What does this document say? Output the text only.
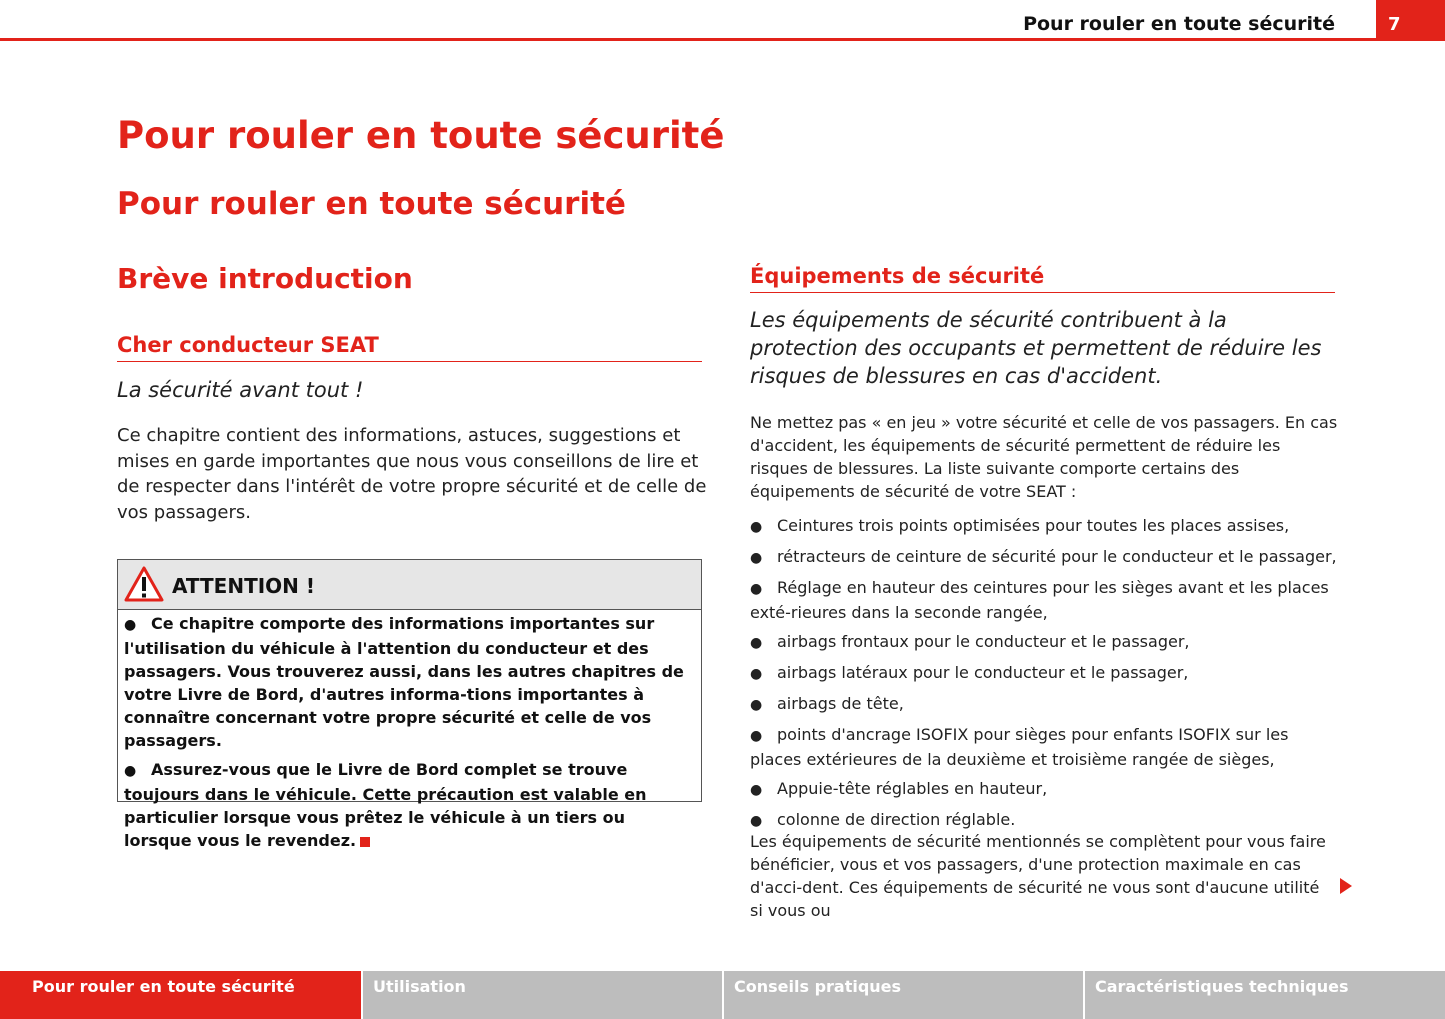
Pour rouler en toute sécurité	7
Pour rouler en toute sécurité
Pour rouler en toute sécurité
Brève introduction
Cher conducteur SEAT
La sécurité avant tout !
Ce chapitre contient des informations, astuces, suggestions et mises en garde importantes que nous vous conseillons de lire et de respecter dans l'intérêt de votre propre sécurité et de celle de vos passagers.
ATTENTION !
● Ce chapitre comporte des informations importantes sur l'utilisation du véhicule à l'attention du conducteur et des passagers. Vous trouverez aussi, dans les autres chapitres de votre Livre de Bord, d'autres informa-tions importantes à connaître concernant votre propre sécurité et celle de vos passagers.
● Assurez-vous que le Livre de Bord complet se trouve toujours dans le véhicule. Cette précaution est valable en particulier lorsque vous prêtez le véhicule à un tiers ou lorsque vous le revendez.
Équipements de sécurité
Les équipements de sécurité contribuent à la protection des occupants et permettent de réduire les risques de blessures en cas d'accident.
Ne mettez pas « en jeu » votre sécurité et celle de vos passagers. En cas d'accident, les équipements de sécurité permettent de réduire les risques de blessures. La liste suivante comporte certains des équipements de sécurité de votre SEAT :
● Ceintures trois points optimisées pour toutes les places assises,
● rétracteurs de ceinture de sécurité pour le conducteur et le passager,
● Réglage en hauteur des ceintures pour les sièges avant et les places exté-rieures dans la seconde rangée,
● airbags frontaux pour le conducteur et le passager,
● airbags latéraux pour le conducteur et le passager,
● airbags de tête,
● points d'ancrage ISOFIX pour sièges pour enfants ISOFIX sur les places extérieures de la deuxième et troisième rangée de sièges,
● Appuie-tête réglables en hauteur,
● colonne de direction réglable.
Les équipements de sécurité mentionnés se complètent pour vous faire bénéficier, vous et vos passagers, d'une protection maximale en cas d'acci-dent. Ces équipements de sécurité ne vous sont d'aucune utilité si vous ou
Pour rouler en toute sécurité	Utilisation	Conseils pratiques	Caractéristiques techniques
